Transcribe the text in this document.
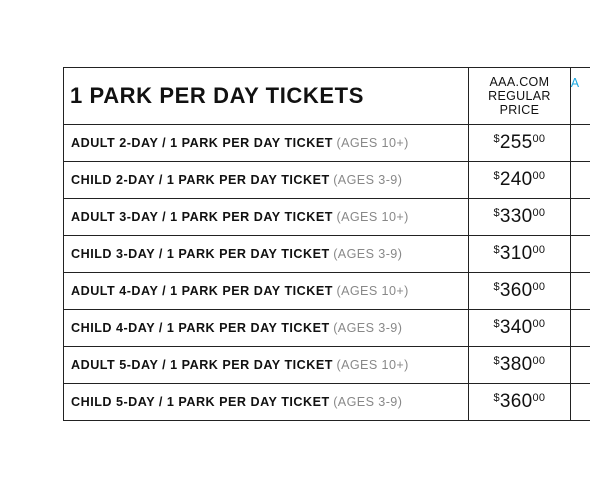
1 PARK PER DAY TICKETS	AAA.COM
REGULAR
PRICE	A
ADULT 2-DAY / 1 PARK PER DAY TICKET (AGES 10+)	$^{\$}255^{00}$	
CHILD 2-DAY / 1 PARK PER DAY TICKET (AGES 3-9)	$^{\$}240^{00}$	
ADULT 3-DAY / 1 PARK PER DAY TICKET (AGES 10+)	$^{\$}330^{00}$	
CHILD 3-DAY / 1 PARK PER DAY TICKET (AGES 3-9)	$^{\$}310^{00}$	
ADULT 4-DAY / 1 PARK PER DAY TICKET (AGES 10+)	$^{\$}360^{00}$	
CHILD 4-DAY / 1 PARK PER DAY TICKET (AGES 3-9)	$^{\$}340^{00}$	
ADULT 5-DAY / 1 PARK PER DAY TICKET (AGES 10+)	$^{\$}380^{00}$	
CHILD 5-DAY / 1 PARK PER DAY TICKET (AGES 3-9)	$^{\$}360^{00}$	
